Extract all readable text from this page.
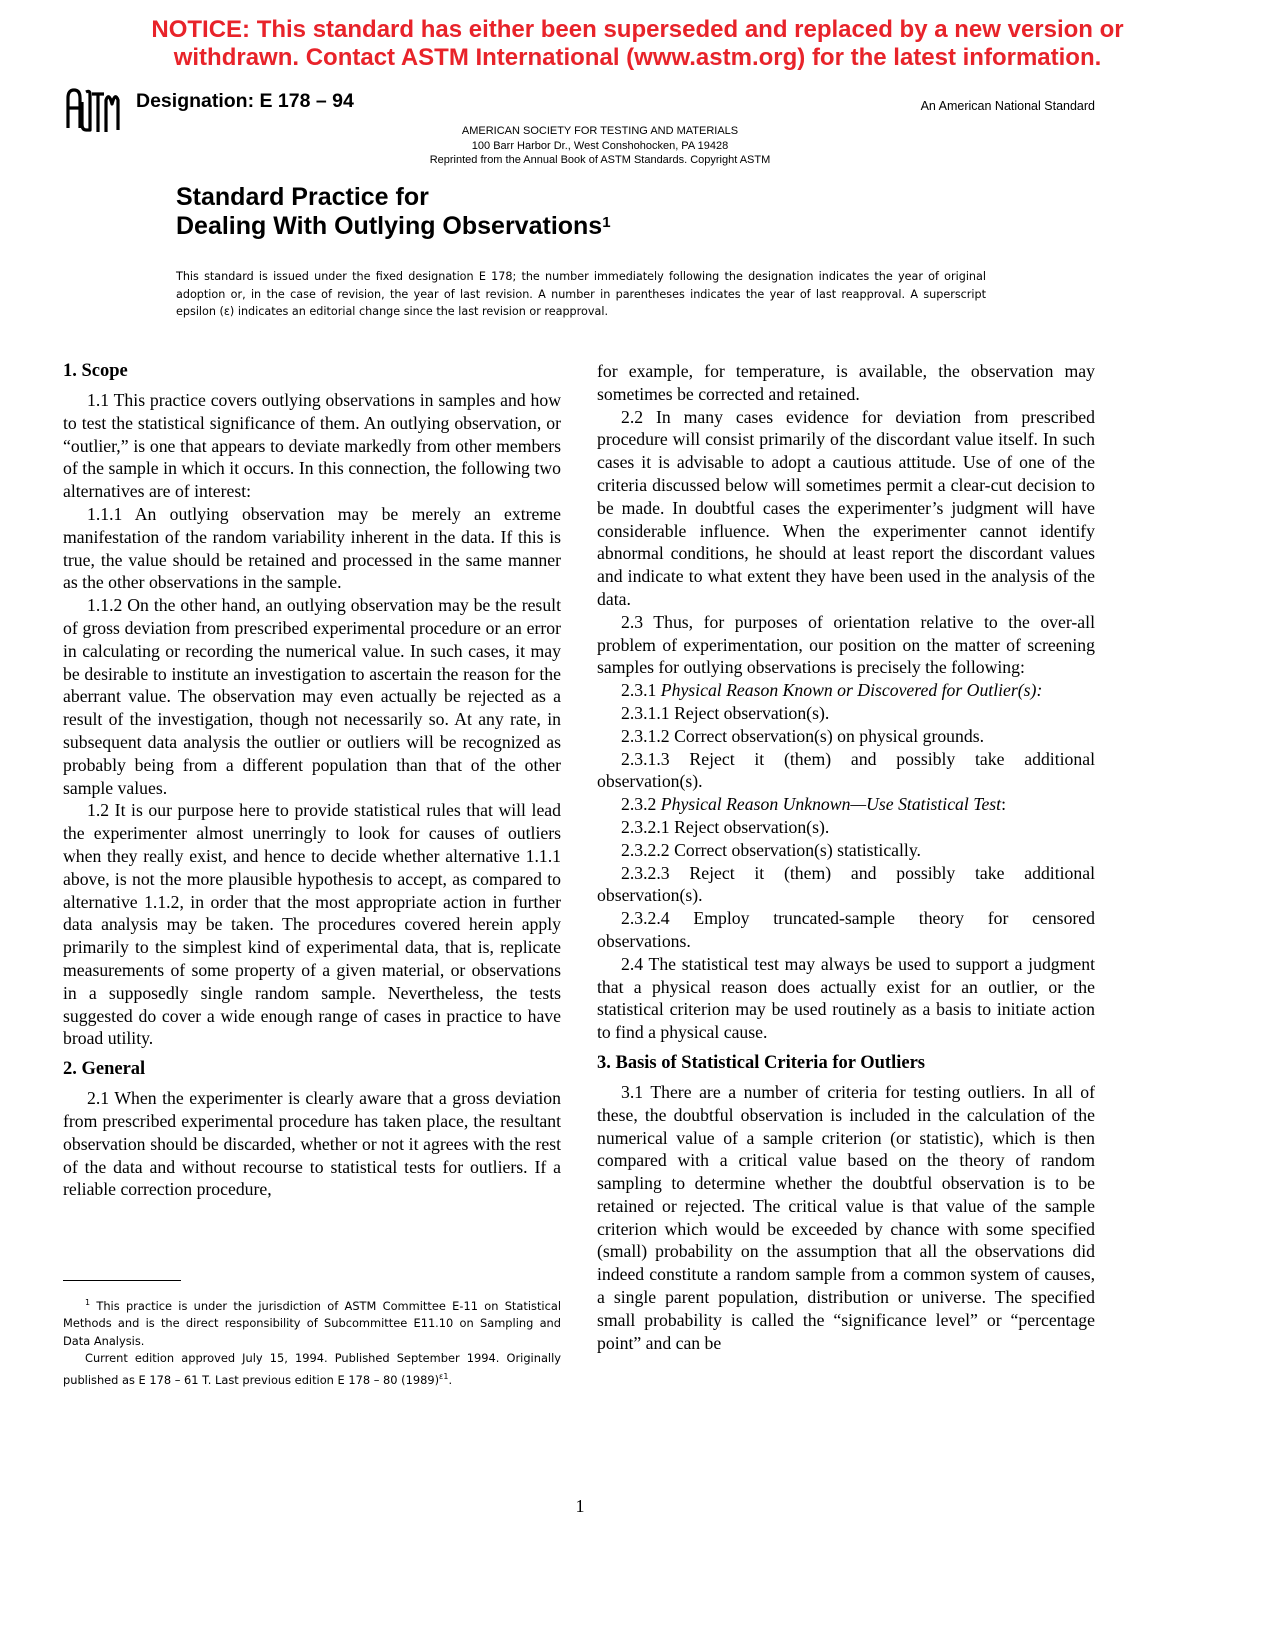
NOTICE: This standard has either been superseded and replaced by a new version or
withdrawn. Contact ASTM International (www.astm.org) for the latest information.
Designation: E 178 – 94	An American National Standard
AMERICAN SOCIETY FOR TESTING AND MATERIALS
100 Barr Harbor Dr., West Conshohocken, PA 19428
Reprinted from the Annual Book of ASTM Standards. Copyright ASTM
Standard Practice for
Dealing With Outlying Observations$^1$
This standard is issued under the fixed designation E 178; the number immediately following the designation indicates the year of original adoption or, in the case of revision, the year of last revision. A number in parentheses indicates the year of last reapproval. A superscript epsilon (ε) indicates an editorial change since the last revision or reapproval.
1. Scope

1.1 This practice covers outlying observations in samples and how to test the statistical significance of them. An outlying observation, or “outlier,” is one that appears to deviate markedly from other members of the sample in which it occurs. In this connection, the following two alternatives are of interest:

1.1.1 An outlying observation may be merely an extreme manifestation of the random variability inherent in the data. If this is true, the value should be retained and processed in the same manner as the other observations in the sample.

1.1.2 On the other hand, an outlying observation may be the result of gross deviation from prescribed experimental procedure or an error in calculating or recording the numerical value. In such cases, it may be desirable to institute an investigation to ascertain the reason for the aberrant value. The observation may even actually be rejected as a result of the investigation, though not necessarily so. At any rate, in subsequent data analysis the outlier or outliers will be recognized as probably being from a different population than that of the other sample values.

1.2 It is our purpose here to provide statistical rules that will lead the experimenter almost unerringly to look for causes of outliers when they really exist, and hence to decide whether alternative 1.1.1 above, is not the more plausible hypothesis to accept, as compared to alternative 1.1.2, in order that the most appropriate action in further data analysis may be taken. The procedures covered herein apply primarily to the simplest kind of experimental data, that is, replicate measurements of some property of a given material, or observations in a supposedly single random sample. Nevertheless, the tests suggested do cover a wide enough range of cases in practice to have broad utility.

2. General

2.1 When the experimenter is clearly aware that a gross deviation from prescribed experimental procedure has taken place, the resultant observation should be discarded, whether or not it agrees with the rest of the data and without recourse to statistical tests for outliers. If a reliable correction procedure,

for example, for temperature, is available, the observation may sometimes be corrected and retained.

2.2 In many cases evidence for deviation from prescribed procedure will consist primarily of the discordant value itself. In such cases it is advisable to adopt a cautious attitude. Use of one of the criteria discussed below will sometimes permit a clear-cut decision to be made. In doubtful cases the experimenter’s judgment will have considerable influence. When the experimenter cannot identify abnormal conditions, he should at least report the discordant values and indicate to what extent they have been used in the analysis of the data.

2.3 Thus, for purposes of orientation relative to the over-all problem of experimentation, our position on the matter of screening samples for outlying observations is precisely the following:

2.3.1 Physical Reason Known or Discovered for Outlier(s):

2.3.1.1 Reject observation(s).

2.3.1.2 Correct observation(s) on physical grounds.

2.3.1.3 Reject it (them) and possibly take additional observation(s).

2.3.2 Physical Reason Unknown—Use Statistical Test:

2.3.2.1 Reject observation(s).

2.3.2.2 Correct observation(s) statistically.

2.3.2.3 Reject it (them) and possibly take additional observation(s).

2.3.2.4 Employ truncated-sample theory for censored observations.

2.4 The statistical test may always be used to support a judgment that a physical reason does actually exist for an outlier, or the statistical criterion may be used routinely as a basis to initiate action to find a physical cause.

3. Basis of Statistical Criteria for Outliers

3.1 There are a number of criteria for testing outliers. In all of these, the doubtful observation is included in the calculation of the numerical value of a sample criterion (or statistic), which is then compared with a critical value based on the theory of random sampling to determine whether the doubtful observation is to be retained or rejected. The critical value is that value of the sample criterion which would be exceeded by chance with some specified (small) probability on the assumption that all the observations did indeed constitute a random sample from a common system of causes, a single parent population, distribution or universe. The specified small probability is called the “significance level” or “percentage point” and can be

$^1$ This practice is under the jurisdiction of ASTM Committee E-11 on Statistical Methods and is the direct responsibility of Subcommittee E11.10 on Sampling and Data Analysis.

Current edition approved July 15, 1994. Published September 1994. Originally published as E 178 – 61 T. Last previous edition E 178 – 80 $(1989)^{\varepsilon 1}$.

1
